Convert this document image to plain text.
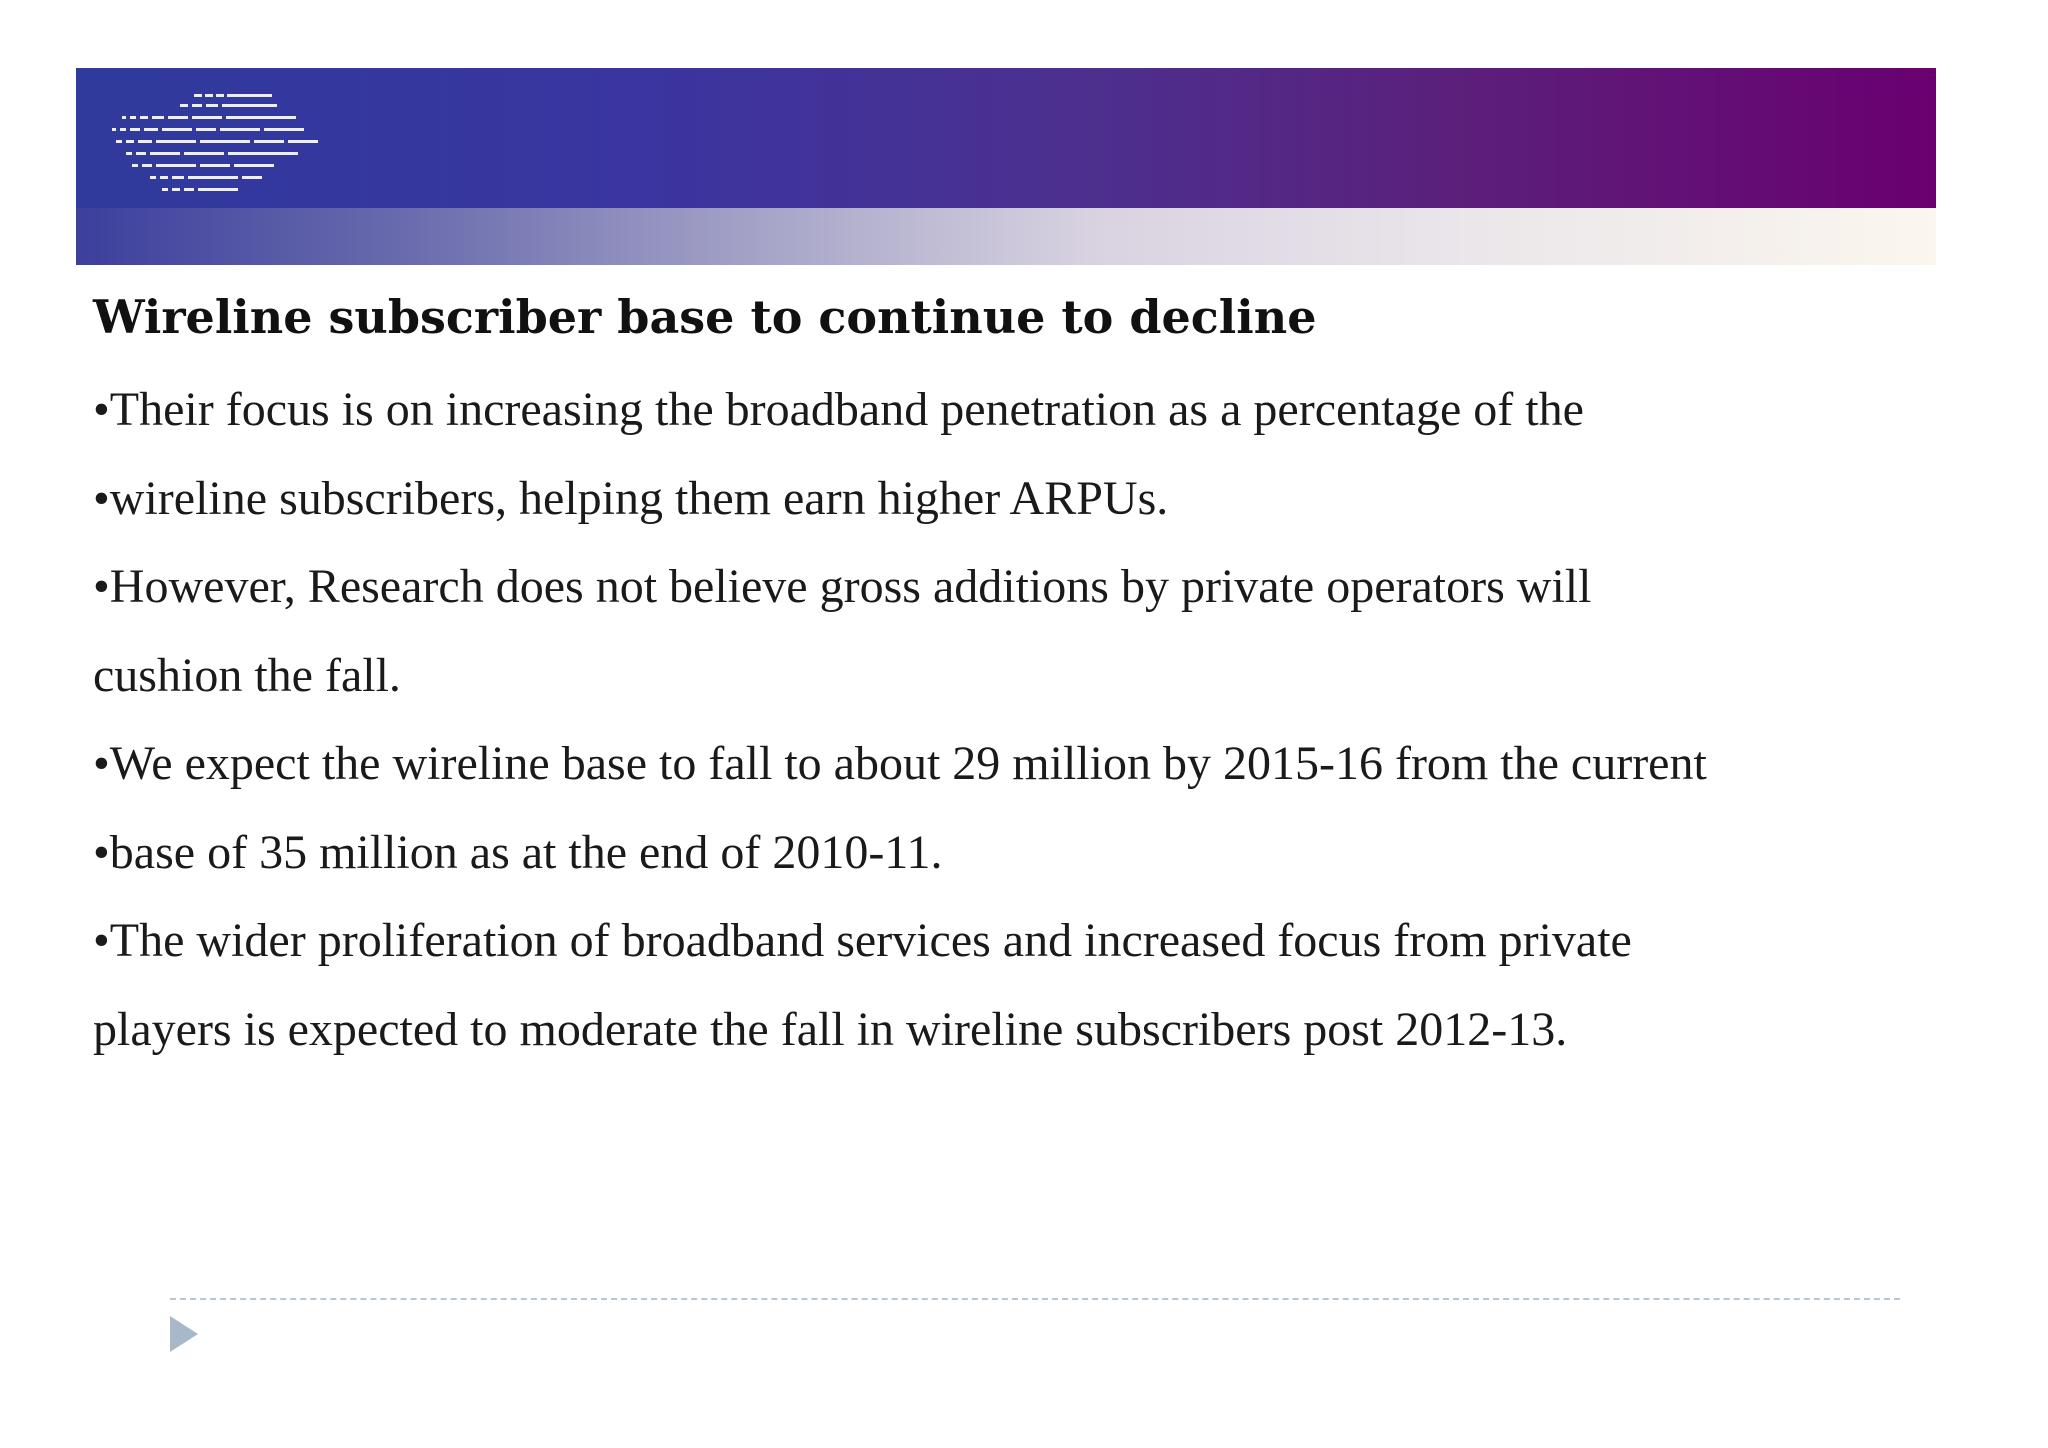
Wireline subscriber base to continue to decline
•Their focus is on increasing the broadband penetration as a percentage of the
•wireline subscribers, helping them earn higher ARPUs.
•However, Research does not believe gross additions by private operators will
cushion the fall.
•We expect the wireline base to fall to about 29 million by 2015-16 from the current
•base of 35 million as at the end of 2010-11.
•The wider proliferation of broadband services and increased focus from private
players is expected to moderate the fall in wireline subscribers post 2012-13.
